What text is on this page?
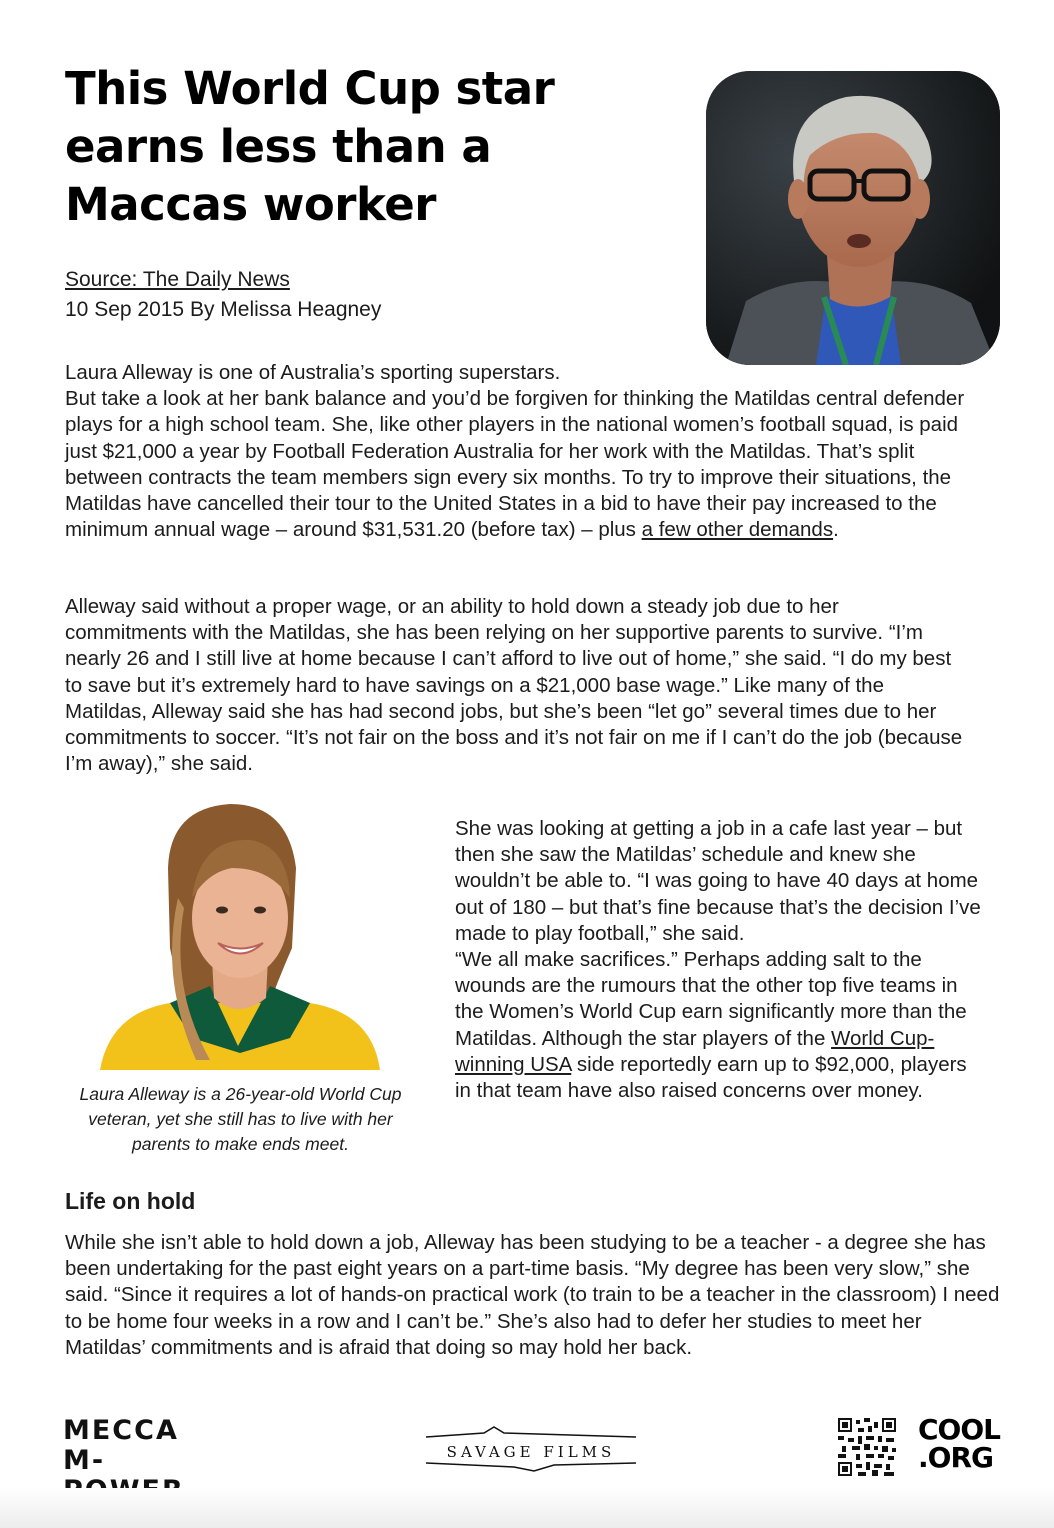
This World Cup star earns less than a Maccas worker
Source: The Daily News
10 Sep 2015 By Melissa Heagney

Laura Alleway is one of Australia’s sporting superstars.
But take a look at her bank balance and you’d be forgiven for thinking the Matildas central defender plays for a high school team. She, like other players in the national women’s football squad, is paid just $21,000 a year by Football Federation Australia for her work with the Matildas. That’s split between contracts the team members sign every six months. To try to improve their situations, the Matildas have cancelled their tour to the United States in a bid to have their pay increased to the minimum annual wage – around $31,531.20 (before tax) – plus a few other demands.

Alleway said without a proper wage, or an ability to hold down a steady job due to her commitments with the Matildas, she has been relying on her supportive parents to survive. “I’m nearly 26 and I still live at home because I can’t afford to live out of home,” she said. “I do my best to save but it’s extremely hard to have savings on a $21,000 base wage.” Like many of the Matildas, Alleway said she has had second jobs, but she’s been “let go” several times due to her commitments to soccer. “It’s not fair on the boss and it’s not fair on me if I can’t do the job (because I’m away),” she said.

Laura Alleway is a 26-year-old World Cup veteran, yet she still has to live with her parents to make ends meet.

She was looking at getting a job in a cafe last year – but then she saw the Matildas’ schedule and knew she wouldn’t be able to. “I was going to have 40 days at home out of 180 – but that’s fine because that’s the decision I’ve made to play football,” she said.
“We all make sacrifices.” Perhaps adding salt to the wounds are the rumours that the other top five teams in the Women’s World Cup earn significantly more than the Matildas. Although the star players of the World Cup-winning USA side reportedly earn up to $92,000, players in that team have also raised concerns over money.
Life on hold

While she isn’t able to hold down a job, Alleway has been studying to be a teacher - a degree she has been undertaking for the past eight years on a part-time basis. “My degree has been very slow,” she said. “Since it requires a lot of hands-on practical work (to train to be a teacher in the classroom) I need to be home four weeks in a row and I can’t be.” She’s also had to defer her studies to meet her Matildas’ commitments and is afraid that doing so may hold her back.

MECCA
M-	SAVAGE FILMS
COOL
.ORG
